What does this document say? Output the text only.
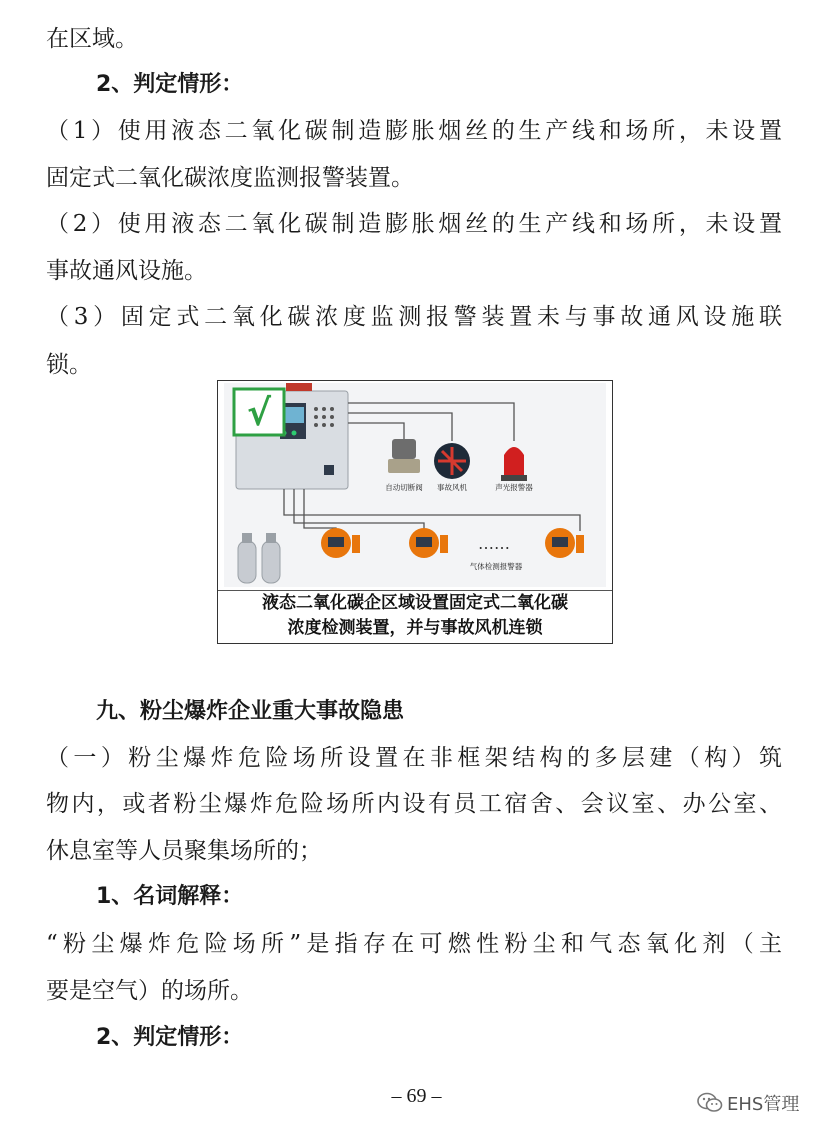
在区域。
2、判定情形：
（1）使用液态二氧化碳制造膨胀烟丝的生产线和场所，未设置
固定式二氧化碳浓度监测报警装置。
（2）使用液态二氧化碳制造膨胀烟丝的生产线和场所，未设置
事故通风设施。
（3）固定式二氧化碳浓度监测报警装置未与事故通风设施联
锁。
√
自动切断阀 事故风机	声光报警器
……
气体检测报警器
液态二氧化碳企区域设置固定式二氧化碳
浓度检测装置，并与事故风机连锁
九、粉尘爆炸企业重大事故隐患
（一）粉尘爆炸危险场所设置在非框架结构的多层建（构）筑
物内，或者粉尘爆炸危险场所内设有员工宿舍、会议室、办公室、
休息室等人员聚集场所的；
1、名词解释：
“粉尘爆炸危险场所”是指存在可燃性粉尘和气态氧化剂（主
要是空气）的场所。
2、判定情形：
– 69 –	EHS管理
